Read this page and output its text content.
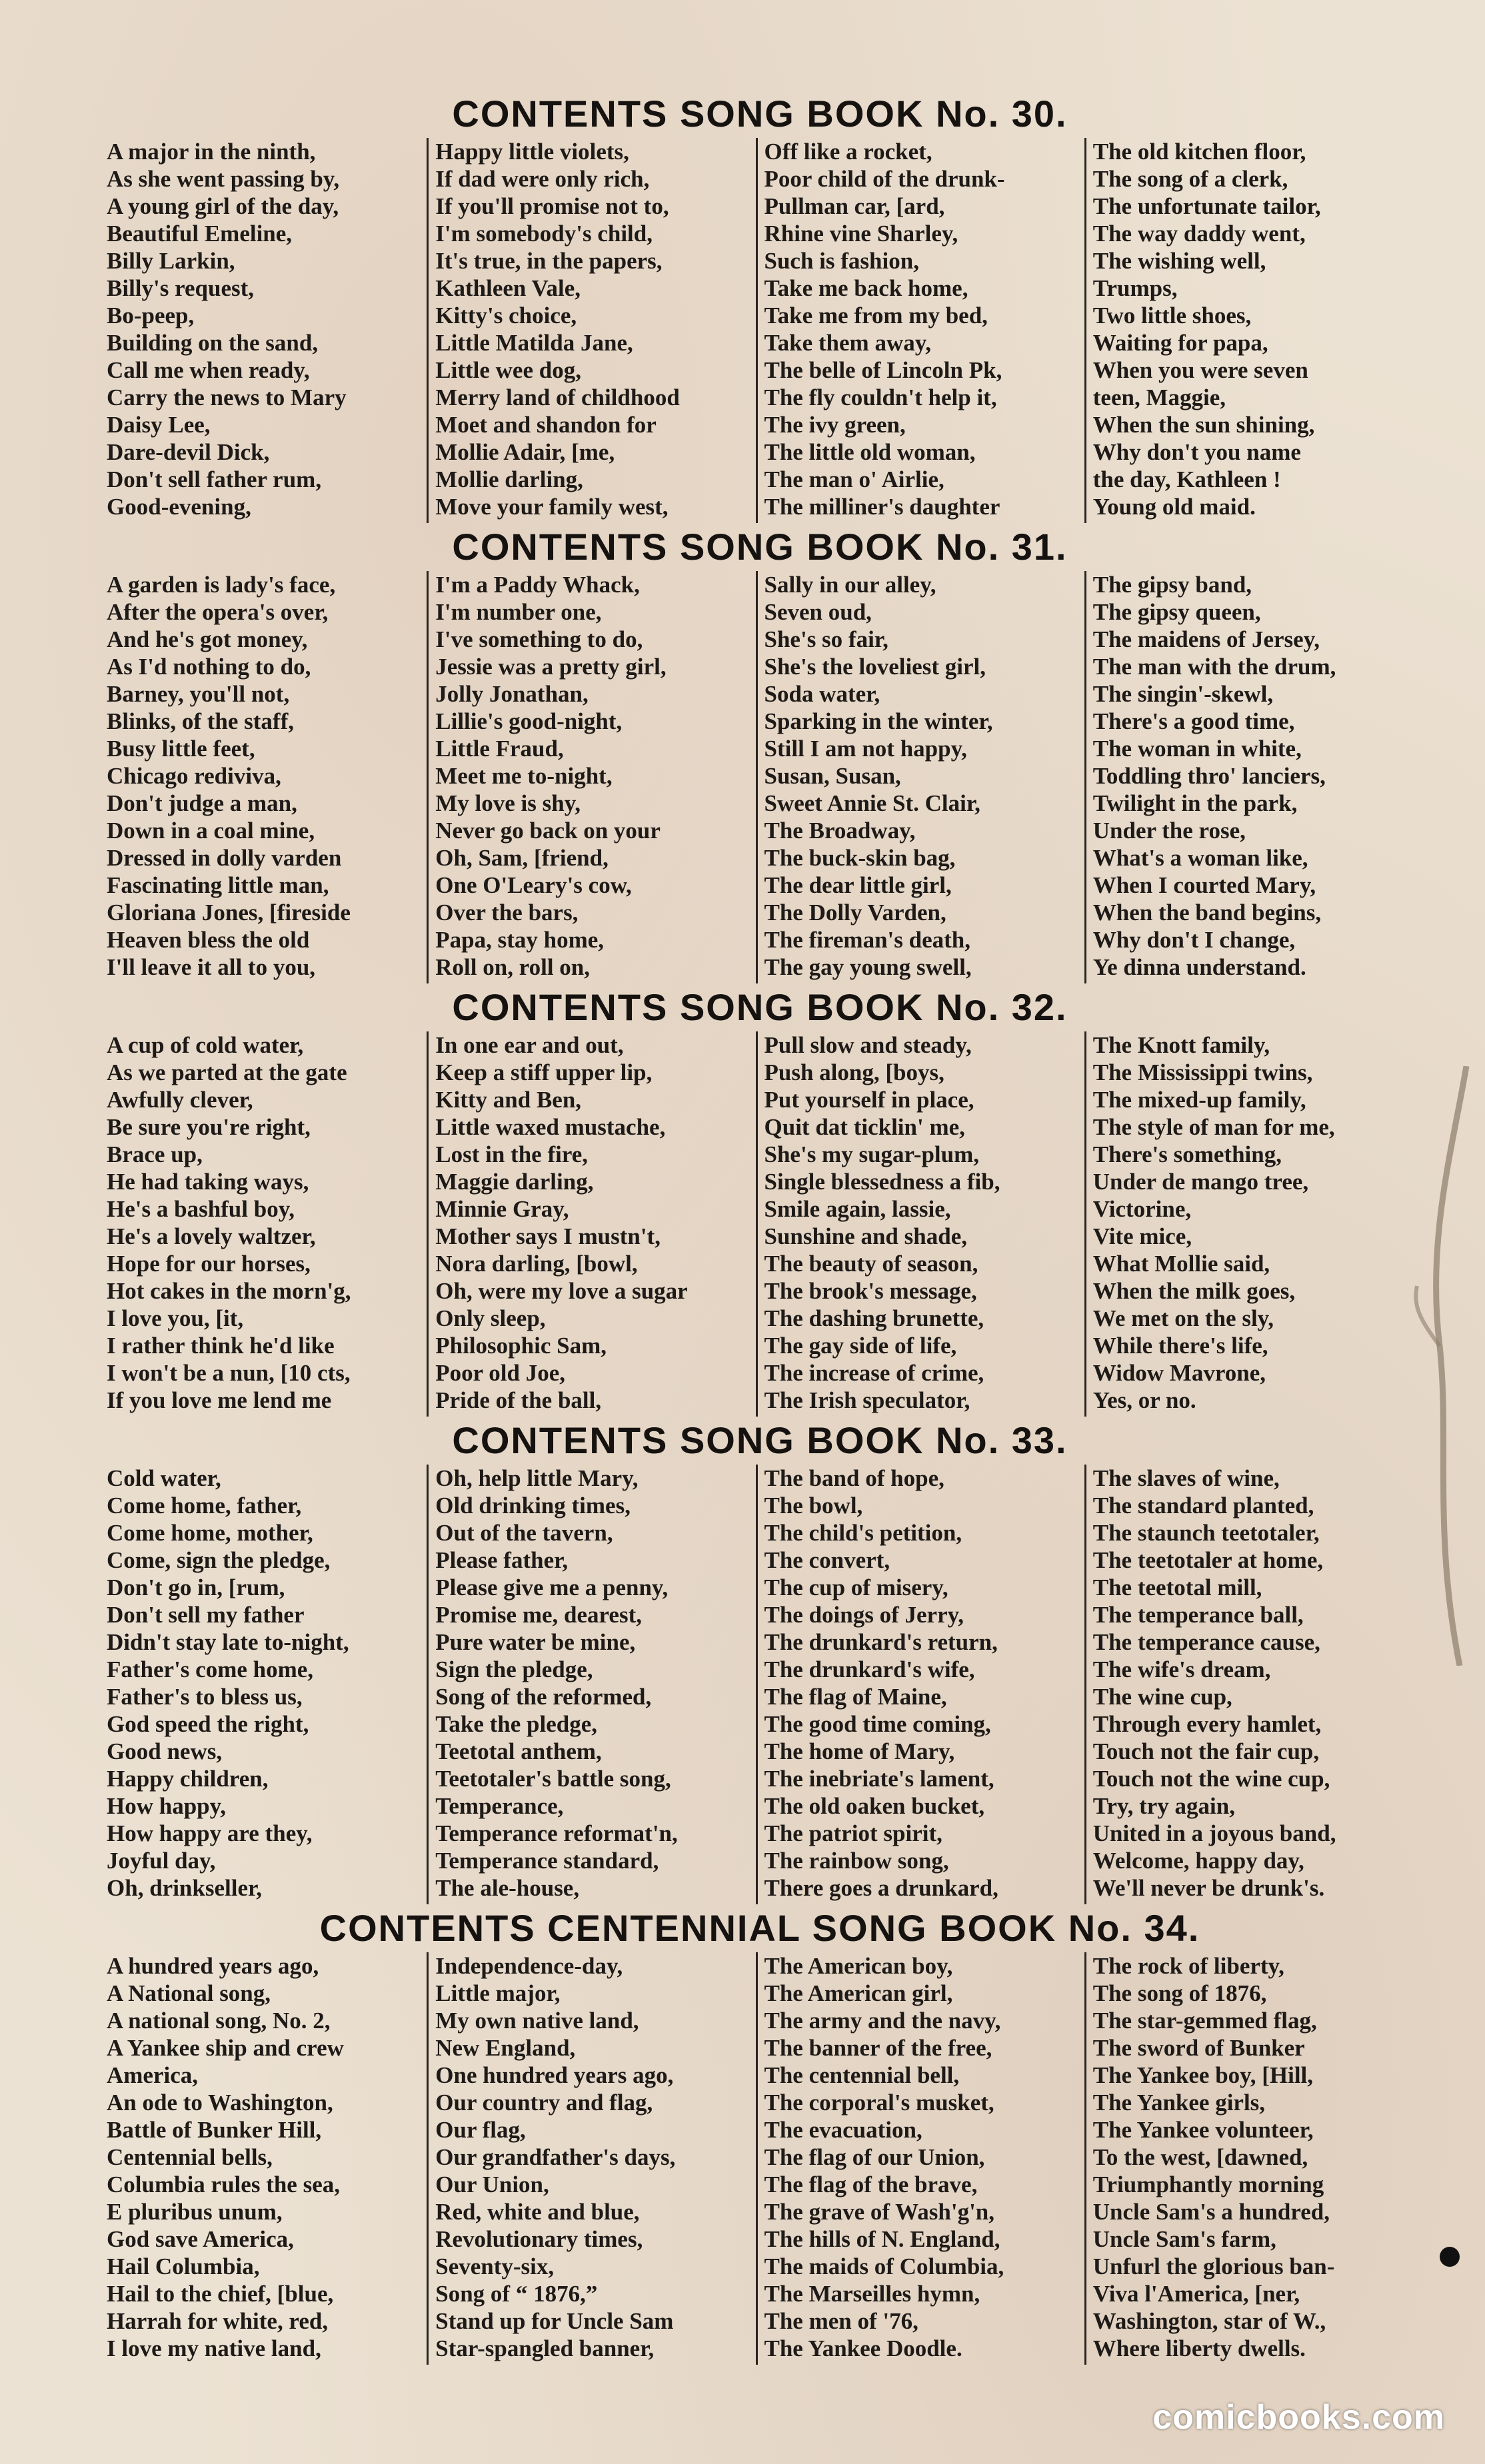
CONTENTS SONG BOOK No. 30.
A major in the ninth,
As she went passing by,
A young girl of the day,
Beautiful Emeline,
Billy Larkin,
Billy's request,
Bo-peep,
Building on the sand,
Call me when ready,
Carry the news to Mary
Daisy Lee,
Dare-devil Dick,
Don't sell father rum,
Good-evening,
Happy little violets,
If dad were only rich,
If you'll promise not to,
I'm somebody's child,
It's true, in the papers,
Kathleen Vale,
Kitty's choice,
Little Matilda Jane,
Little wee dog,
Merry land of childhood
Moet and shandon for
Mollie Adair, [me,
Mollie darling,
Move your family west,
Off like a rocket,
Poor child of the drunk-
Pullman car, [ard,
Rhine vine Sharley,
Such is fashion,
Take me back home,
Take me from my bed,
Take them away,
The belle of Lincoln Pk,
The fly couldn't help it,
The ivy green,
The little old woman,
The man o' Airlie,
The milliner's daughter
The old kitchen floor,
The song of a clerk,
The unfortunate tailor,
The way daddy went,
The wishing well,
Trumps,
Two little shoes,
Waiting for papa,
When you were seven
teen, Maggie,
When the sun shining,
Why don't you name
the day, Kathleen !
Young old maid.
CONTENTS SONG BOOK No. 31.
A garden is lady's face,
After the opera's over,
And he's got money,
As I'd nothing to do,
Barney, you'll not,
Blinks, of the staff,
Busy little feet,
Chicago rediviva,
Don't judge a man,
Down in a coal mine,
Dressed in dolly varden
Fascinating little man,
Gloriana Jones, [fireside
Heaven bless the old
I'll leave it all to you,
I'm a Paddy Whack,
I'm number one,
I've something to do,
Jessie was a pretty girl,
Jolly Jonathan,
Lillie's good-night,
Little Fraud,
Meet me to-night,
My love is shy,
Never go back on your
Oh, Sam, [friend,
One O'Leary's cow,
Over the bars,
Papa, stay home,
Roll on, roll on,
Sally in our alley,
Seven oud,
She's so fair,
She's the loveliest girl,
Soda water,
Sparking in the winter,
Still I am not happy,
Susan, Susan,
Sweet Annie St. Clair,
The Broadway,
The buck-skin bag,
The dear little girl,
The Dolly Varden,
The fireman's death,
The gay young swell,
The gipsy band,
The gipsy queen,
The maidens of Jersey,
The man with the drum,
The singin'-skewl,
There's a good time,
The woman in white,
Toddling thro' lanciers,
Twilight in the park,
Under the rose,
What's a woman like,
When I courted Mary,
When the band begins,
Why don't I change,
Ye dinna understand.
CONTENTS SONG BOOK No. 32.
A cup of cold water,
As we parted at the gate
Awfully clever,
Be sure you're right,
Brace up,
He had taking ways,
He's a bashful boy,
He's a lovely waltzer,
Hope for our horses,
Hot cakes in the morn'g,
I love you, [it,
I rather think he'd like
I won't be a nun, [10 cts,
If you love me lend me
In one ear and out,
Keep a stiff upper lip,
Kitty and Ben,
Little waxed mustache,
Lost in the fire,
Maggie darling,
Minnie Gray,
Mother says I mustn't,
Nora darling, [bowl,
Oh, were my love a sugar
Only sleep,
Philosophic Sam,
Poor old Joe,
Pride of the ball,
Pull slow and steady,
Push along, [boys,
Put yourself in place,
Quit dat ticklin' me,
She's my sugar-plum,
Single blessedness a fib,
Smile again, lassie,
Sunshine and shade,
The beauty of season,
The brook's message,
The dashing brunette,
The gay side of life,
The increase of crime,
The Irish speculator,
The Knott family,
The Mississippi twins,
The mixed-up family,
The style of man for me,
There's something,
Under de mango tree,
Victorine,
Vite mice,
What Mollie said,
When the milk goes,
We met on the sly,
While there's life,
Widow Mavrone,
Yes, or no.
CONTENTS SONG BOOK No. 33.
Cold water,
Come home, father,
Come home, mother,
Come, sign the pledge,
Don't go in, [rum,
Don't sell my father
Didn't stay late to-night,
Father's come home,
Father's to bless us,
God speed the right,
Good news,
Happy children,
How happy,
How happy are they,
Joyful day,
Oh, drinkseller,
Oh, help little Mary,
Old drinking times,
Out of the tavern,
Please father,
Please give me a penny,
Promise me, dearest,
Pure water be mine,
Sign the pledge,
Song of the reformed,
Take the pledge,
Teetotal anthem,
Teetotaler's battle song,
Temperance,
Temperance reformat'n,
Temperance standard,
The ale-house,
The band of hope,
The bowl,
The child's petition,
The convert,
The cup of misery,
The doings of Jerry,
The drunkard's return,
The drunkard's wife,
The flag of Maine,
The good time coming,
The home of Mary,
The inebriate's lament,
The old oaken bucket,
The patriot spirit,
The rainbow song,
There goes a drunkard,
The slaves of wine,
The standard planted,
The staunch teetotaler,
The teetotaler at home,
The teetotal mill,
The temperance ball,
The temperance cause,
The wife's dream,
The wine cup,
Through every hamlet,
Touch not the fair cup,
Touch not the wine cup,
Try, try again,
United in a joyous band,
Welcome, happy day,
We'll never be drunk's.
CONTENTS CENTENNIAL SONG BOOK No. 34.
A hundred years ago,
A National song,
A national song, No. 2,
A Yankee ship and crew
America,
An ode to Washington,
Battle of Bunker Hill,
Centennial bells,
Columbia rules the sea,
E pluribus unum,
God save America,
Hail Columbia,
Hail to the chief, [blue,
Harrah for white, red,
I love my native land,
Independence-day,
Little major,
My own native land,
New England,
One hundred years ago,
Our country and flag,
Our flag,
Our grandfather's days,
Our Union,
Red, white and blue,
Revolutionary times,
Seventy-six,
Song of “ 1876,”
Stand up for Uncle Sam
Star-spangled banner,
The American boy,
The American girl,
The army and the navy,
The banner of the free,
The centennial bell,
The corporal's musket,
The evacuation,
The flag of our Union,
The flag of the brave,
The grave of Wash'g'n,
The hills of N. England,
The maids of Columbia,
The Marseilles hymn,
The men of '76,
The Yankee Doodle.
The rock of liberty,
The song of 1876,
The star-gemmed flag,
The sword of Bunker
The Yankee boy, [Hill,
The Yankee girls,
The Yankee volunteer,
To the west, [dawned,
Triumphantly morning
Uncle Sam's a hundred,
Uncle Sam's farm,
Unfurl the glorious ban-
Viva l'America, [ner,
Washington, star of W.,
Where liberty dwells.
comicbooks.com
